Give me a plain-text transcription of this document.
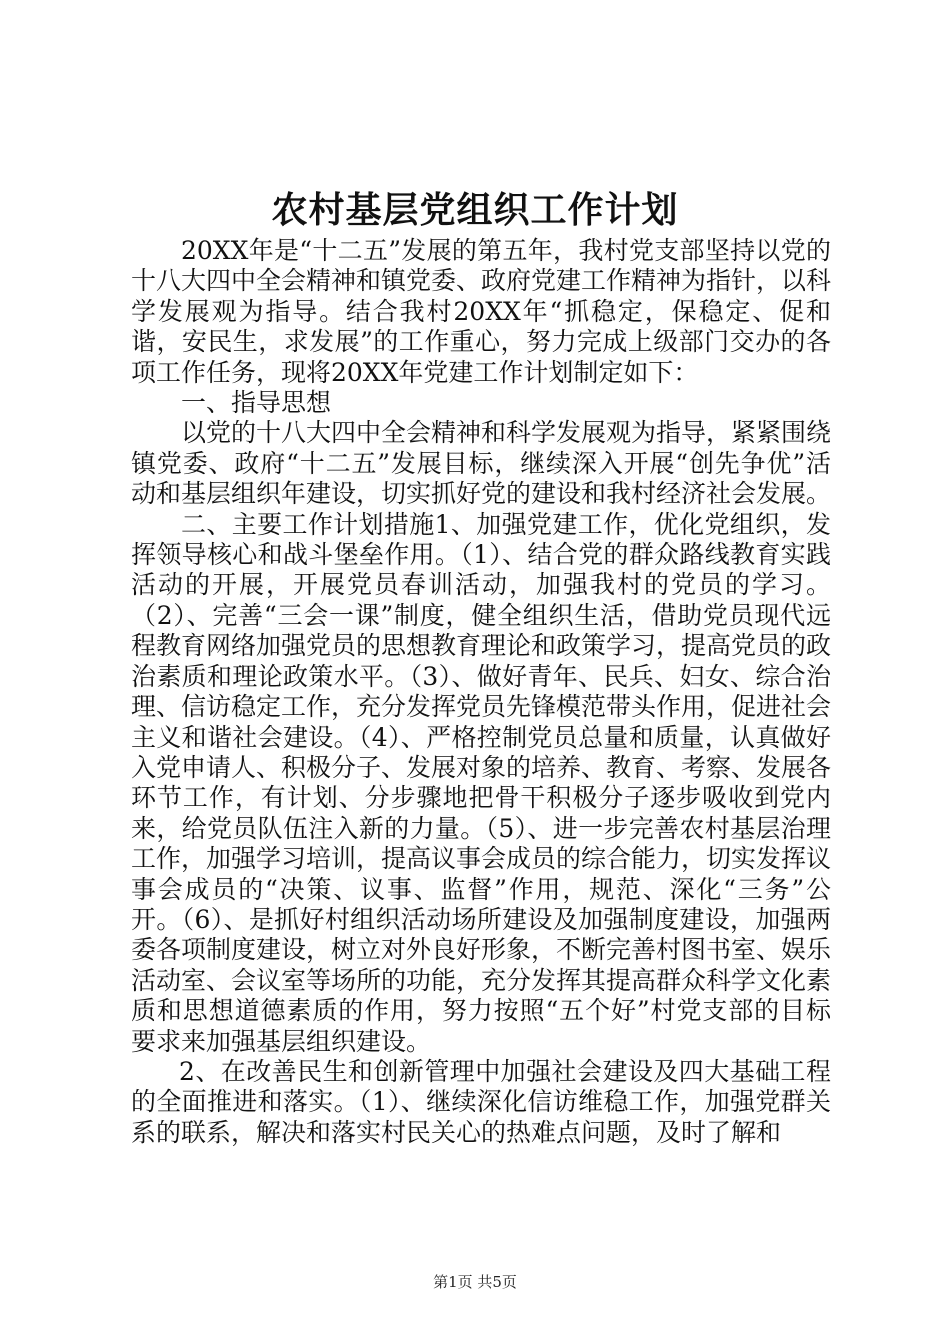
农村基层党组织工作计划

20XX年是“十二五”发展的第五年，我村党支部坚持以党的十八大四中全会精神和镇党委、政府党建工作精神为指针，以科学发展观为指导。结合我村20XX年“抓稳定，保稳定、促和谐，安民生，求发展”的工作重心，努力完成上级部门交办的各项工作任务，现将20XX年党建工作计划制定如下：

一、指导思想

以党的十八大四中全会精神和科学发展观为指导，紧紧围绕镇党委、政府“十二五”发展目标，继续深入开展“创先争优”活动和基层组织年建设，切实抓好党的建设和我村经济社会发展。

二、主要工作计划措施1、加强党建工作，优化党组织，发挥领导核心和战斗堡垒作用。（1）、结合党的群众路线教育实践活动的开展，开展党员春训活动，加强我村的党员的学习。（2）、完善“三会一课”制度，健全组织生活，借助党员现代远程教育网络加强党员的思想教育理论和政策学习，提高党员的政治素质和理论政策水平。（3）、做好青年、民兵、妇女、综合治理、信访稳定工作，充分发挥党员先锋模范带头作用，促进社会主义和谐社会建设。（4）、严格控制党员总量和质量，认真做好入党申请人、积极分子、发展对象的培养、教育、考察、发展各环节工作，有计划、分步骤地把骨干积极分子逐步吸收到党内来，给党员队伍注入新的力量。（5）、进一步完善农村基层治理工作，加强学习培训，提高议事会成员的综合能力，切实发挥议事会成员的“决策、议事、监督”作用，规范、深化“三务”公开。（6）、是抓好村组织活动场所建设及加强制度建设，加强两委各项制度建设，树立对外良好形象，不断完善村图书室、娱乐活动室、会议室等场所的功能，充分发挥其提高群众科学文化素质和思想道德素质的作用，努力按照“五个好”村党支部的目标要求来加强基层组织建设。

2、在改善民生和创新管理中加强社会建设及四大基础工程的全面推进和落实。（1）、继续深化信访维稳工作，加强党群关系的联系，解决和落实村民关心的热难点问题，及时了解和

第1页 共5页
